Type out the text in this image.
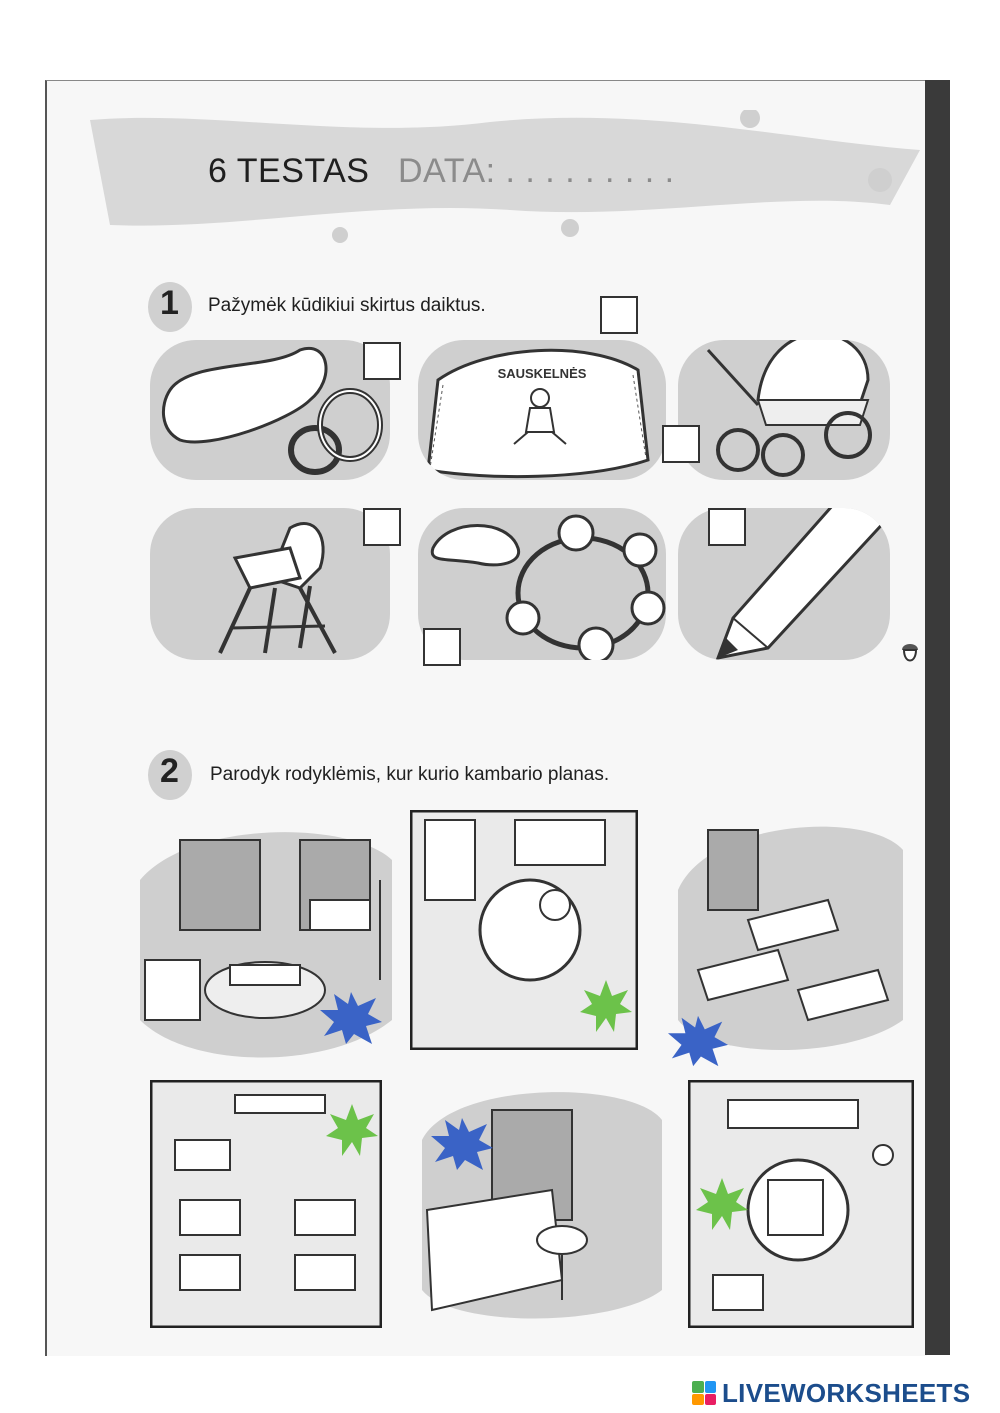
6 TESTAS DATA: . . . . . . . . .
1 Pažymėk kūdikiui skirtus daiktus.
SAUSKELNĖS
2 Parodyk rodyklėmis, kur kurio kambario planas.
LIVEWORKSHEETS
